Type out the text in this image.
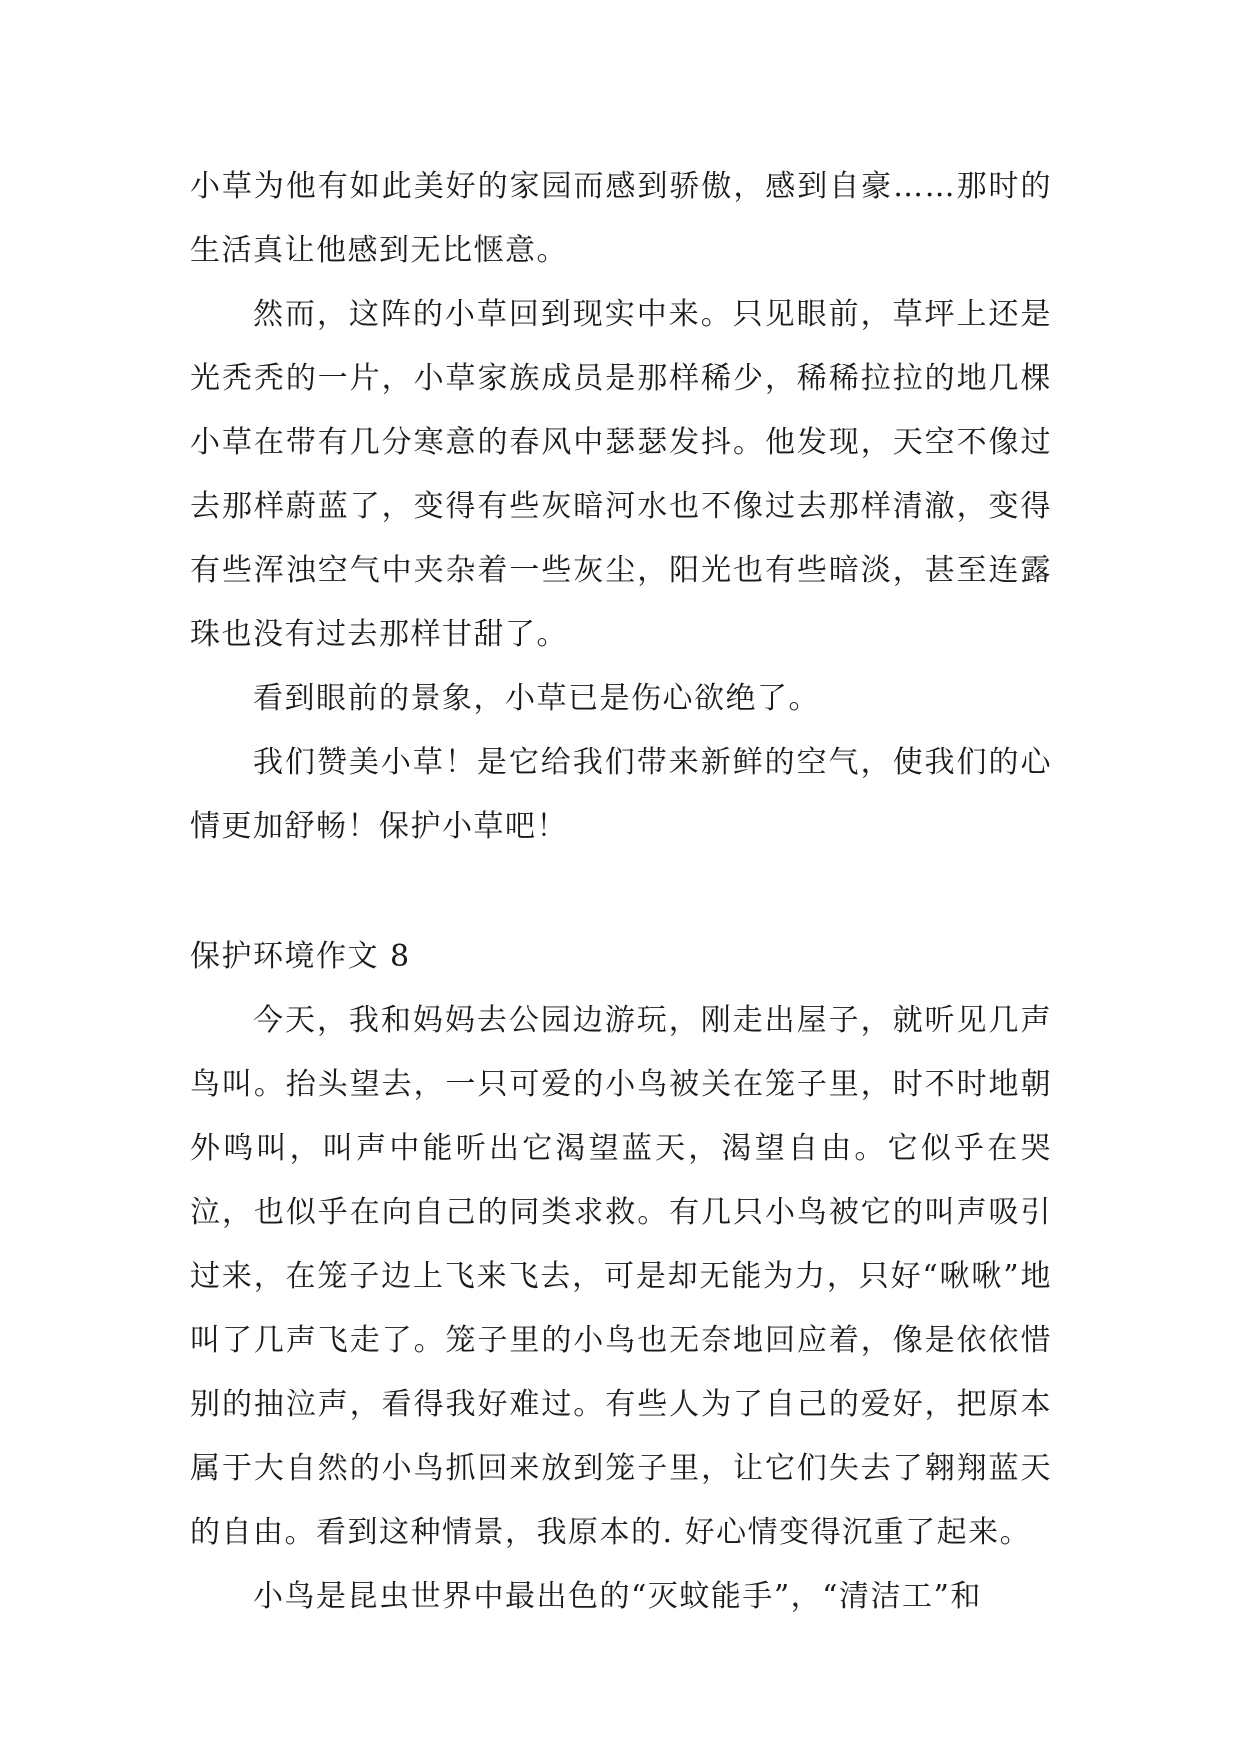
小草为他有如此美好的家园而感到骄傲，感到自豪……那时的生活真让他感到无比惬意。

然而，这阵的小草回到现实中来。只见眼前，草坪上还是光秃秃的一片，小草家族成员是那样稀少，稀稀拉拉的地几棵小草在带有几分寒意的春风中瑟瑟发抖。他发现，天空不像过去那样蔚蓝了，变得有些灰暗河水也不像过去那样清澈，变得有些浑浊空气中夹杂着一些灰尘，阳光也有些暗淡，甚至连露珠也没有过去那样甘甜了。

看到眼前的景象，小草已是伤心欲绝了。

我们赞美小草！是它给我们带来新鲜的空气，使我们的心情更加舒畅！保护小草吧！

保护环境作文 8

今天，我和妈妈去公园边游玩，刚走出屋子，就听见几声鸟叫。抬头望去，一只可爱的小鸟被关在笼子里，时不时地朝外鸣叫，叫声中能听出它渴望蓝天，渴望自由。它似乎在哭泣，也似乎在向自己的同类求救。有几只小鸟被它的叫声吸引过来，在笼子边上飞来飞去，可是却无能为力，只好“啾啾”地叫了几声飞走了。笼子里的小鸟也无奈地回应着，像是依依惜别的抽泣声，看得我好难过。有些人为了自己的爱好，把原本属于大自然的小鸟抓回来放到笼子里，让它们失去了翱翔蓝天的自由。看到这种情景，我原本的. 好心情变得沉重了起来。

小鸟是昆虫世界中最出色的“灭蚊能手”，“清洁工”和
